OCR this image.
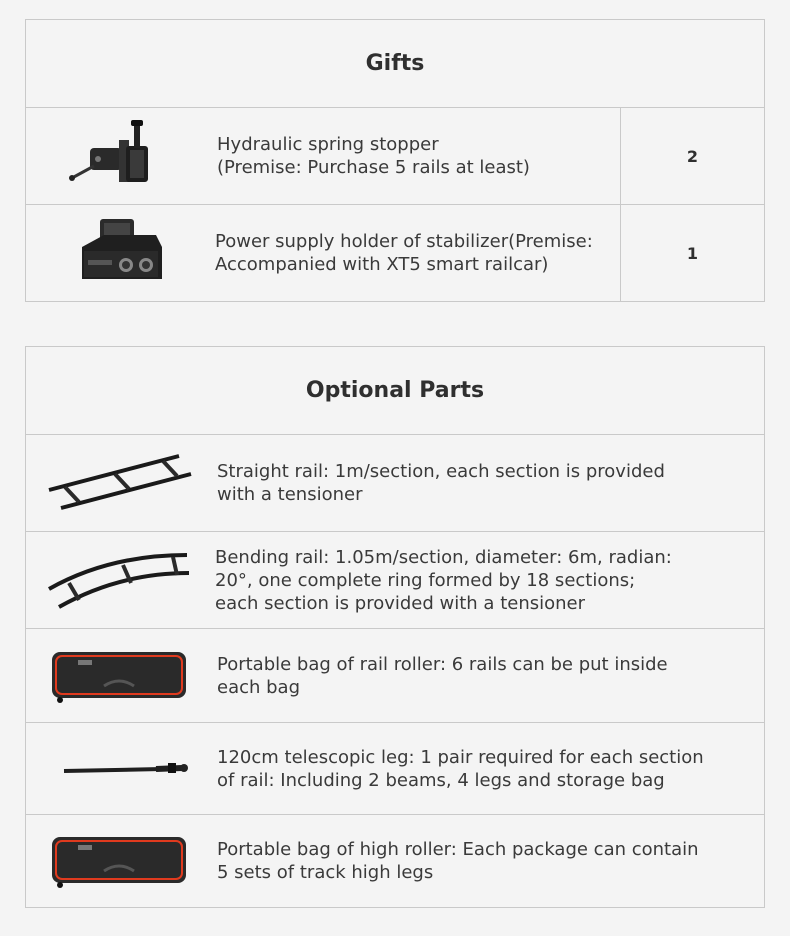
Gifts
Hydraulic spring stopper
(Premise: Purchase 5 rails at least)
2
Power supply holder of stabilizer(Premise:
Accompanied with XT5 smart railcar)
1
Optional Parts
Straight rail: 1m/section, each section is provided
with a tensioner
Bending rail: 1.05m/section, diameter: 6m, radian:
20°, one complete ring formed by 18 sections;
each section is provided with a tensioner
Portable bag of rail roller: 6 rails can be put inside
each bag
120cm telescopic leg: 1 pair required for each section
of rail: Including 2 beams, 4 legs and storage bag
Portable bag of high roller: Each package can contain
5 sets of track high legs
